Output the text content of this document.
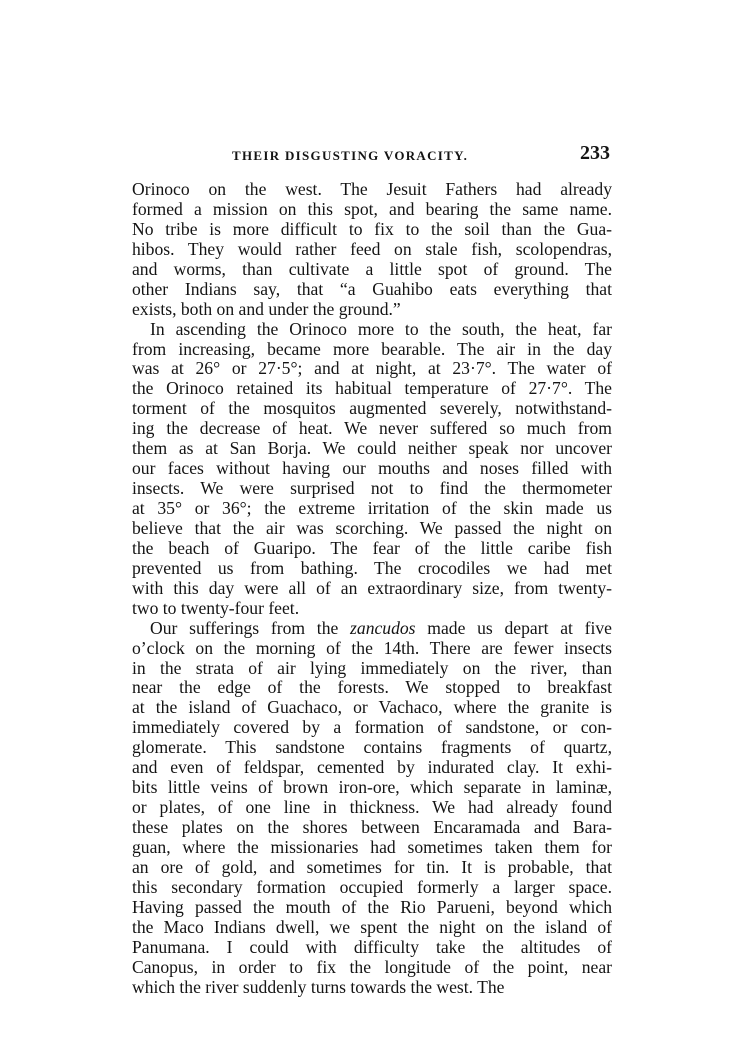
THEIR DISGUSTING VORACITY.	233
Orinoco on the west. The Jesuit Fathers had already
formed a mission on this spot, and bearing the same name.
No tribe is more difficult to fix to the soil than the Gua-
hibos. They would rather feed on stale fish, scolopendras,
and worms, than cultivate a little spot of ground. The
other Indians say, that “a Guahibo eats everything that
exists, both on and under the ground.”
In ascending the Orinoco more to the south, the heat, far
from increasing, became more bearable. The air in the day
was at 26° or 27·5°; and at night, at 23·7°. The water of
the Orinoco retained its habitual temperature of 27·7°. The
torment of the mosquitos augmented severely, notwithstand-
ing the decrease of heat. We never suffered so much from
them as at San Borja. We could neither speak nor uncover
our faces without having our mouths and noses filled with
insects. We were surprised not to find the thermometer
at 35° or 36°; the extreme irritation of the skin made us
believe that the air was scorching. We passed the night on
the beach of Guaripo. The fear of the little caribe fish
prevented us from bathing. The crocodiles we had met
with this day were all of an extraordinary size, from twenty-
two to twenty-four feet.
Our sufferings from the zancudos made us depart at five
o’clock on the morning of the 14th. There are fewer insects
in the strata of air lying immediately on the river, than
near the edge of the forests. We stopped to breakfast
at the island of Guachaco, or Vachaco, where the granite is
immediately covered by a formation of sandstone, or con-
glomerate. This sandstone contains fragments of quartz,
and even of feldspar, cemented by indurated clay. It exhi-
bits little veins of brown iron-ore, which separate in laminæ,
or plates, of one line in thickness. We had already found
these plates on the shores between Encaramada and Bara-
guan, where the missionaries had sometimes taken them for
an ore of gold, and sometimes for tin. It is probable, that
this secondary formation occupied formerly a larger space.
Having passed the mouth of the Rio Parueni, beyond which
the Maco Indians dwell, we spent the night on the island of
Panumana. I could with difficulty take the altitudes of
Canopus, in order to fix the longitude of the point, near
which the river suddenly turns towards the west. The
